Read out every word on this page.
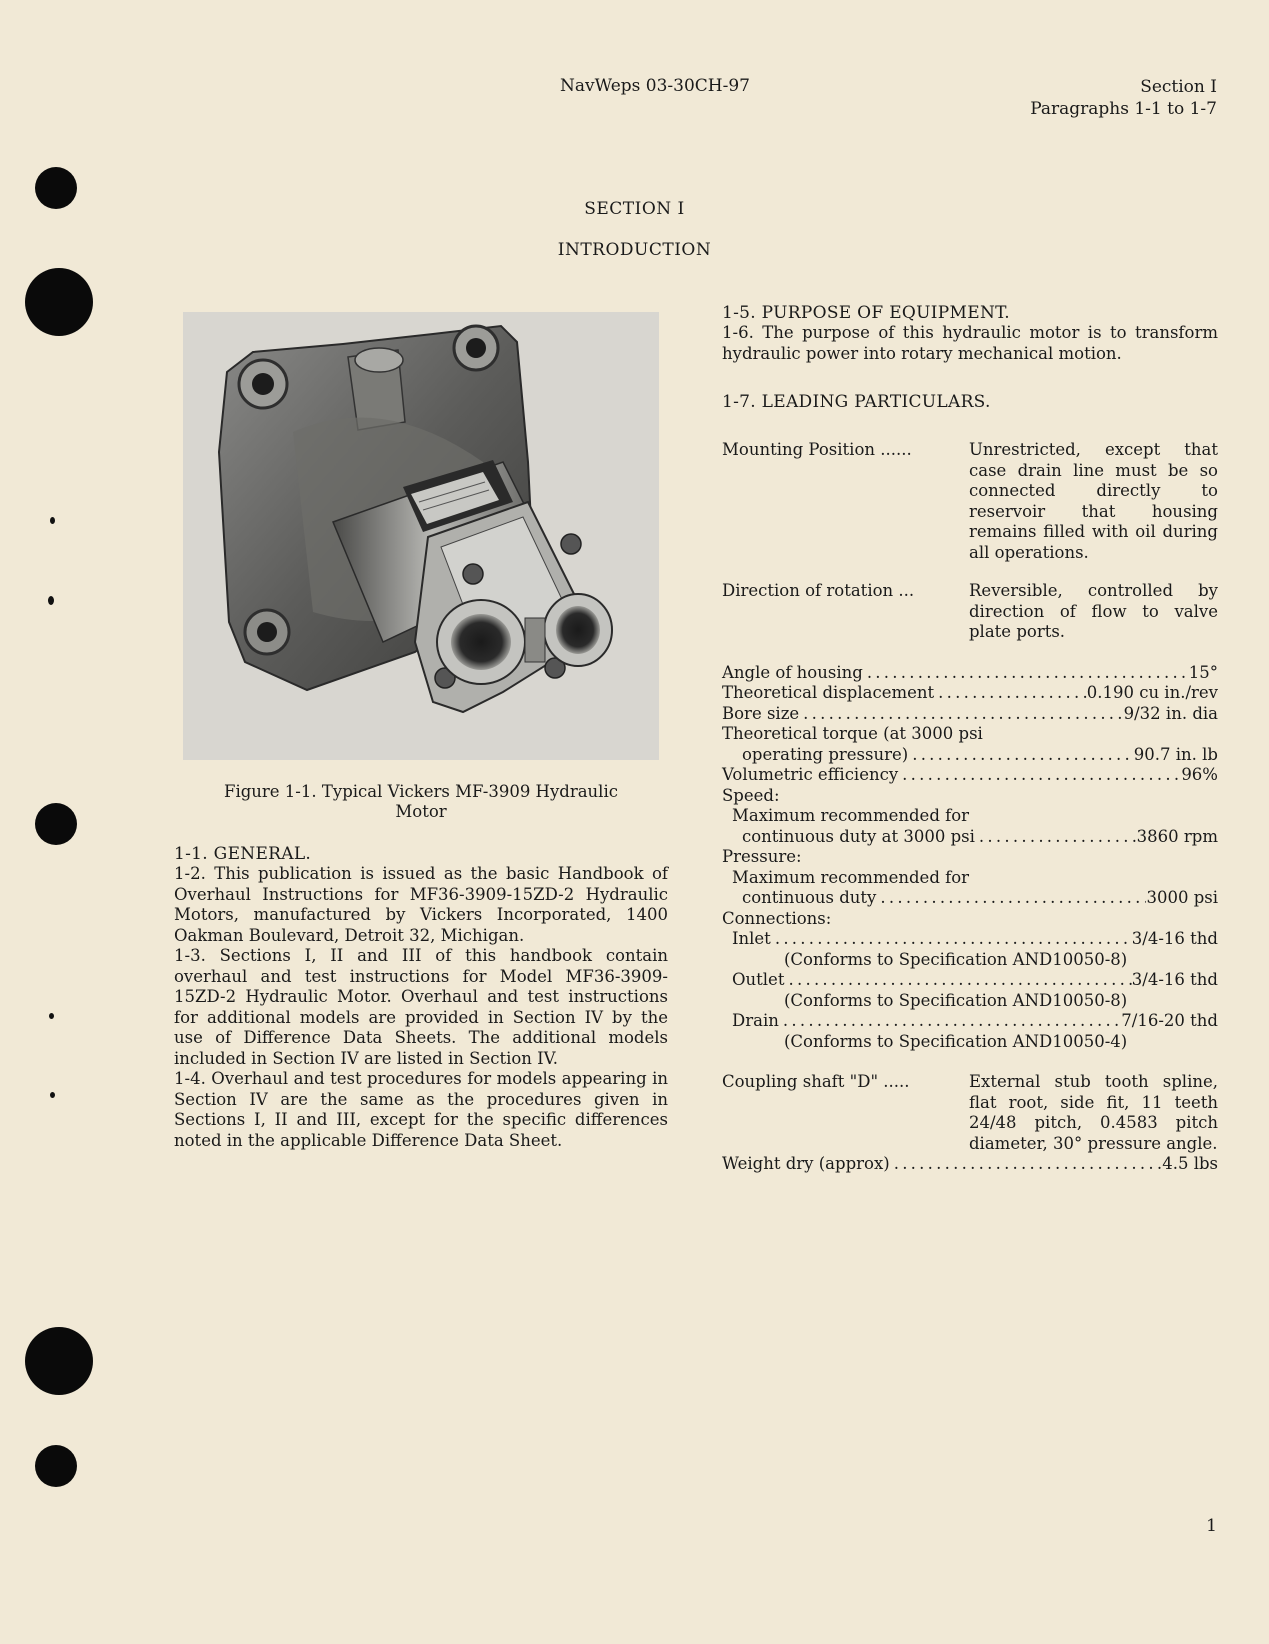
NavWeps 03-30CH-97	Section I
Paragraphs 1-1 to 1-7
SECTION I
INTRODUCTION
Figure 1-1. Typical Vickers MF-3909 Hydraulic
Motor
1-1. GENERAL.

1-2. This publication is issued as the basic Handbook of Overhaul Instructions for MF36-3909-15ZD-2 Hydraulic Motors, manufactured by Vickers Incorporated, 1400 Oakman Boulevard, Detroit 32, Michigan.

1-3. Sections I, II and III of this handbook contain overhaul and test instructions for Model MF36-3909-15ZD-2 Hydraulic Motor. Overhaul and test instructions for additional models are provided in Section IV by the use of Difference Data Sheets. The additional models included in Section IV are listed in Section IV.

1-4. Overhaul and test procedures for models appearing in Section IV are the same as the procedures given in Sections I, II and III, except for the specific differences noted in the applicable Difference Data Sheet.

1-5. PURPOSE OF EQUIPMENT.

1-6. The purpose of this hydraulic motor is to transform hydraulic power into rotary mechanical motion.

1-7. LEADING PARTICULARS.
Mounting Position ......	Unrestricted, except that case drain line must be so connected directly to reservoir that housing remains filled with oil during all operations.
Direction of rotation ...	Reversible, controlled by direction of flow to valve plate ports.
Angle of housing . . .	15°
Theoretical displacement . . .	0.190 cu in./rev
Bore size . . .	9/32 in. dia
Theoretical torque (at 3000 psi
operating pressure) . . .	90.7 in. lb
Volumetric efficiency . . .	96%
Speed:
Maximum recommended for
continuous duty at 3000 psi . . .	3860 rpm
Pressure:
Maximum recommended for
continuous duty . . .	3000 psi
Connections:
Inlet . . .	3/4-16 thd
(Conforms to Specification AND10050-8)
Outlet . . .	3/4-16 thd
(Conforms to Specification AND10050-8)
Drain . . .	7/16-20 thd
(Conforms to Specification AND10050-4)
Coupling shaft "D" .....	External stub tooth spline, flat root, side fit, 11 teeth 24/48 pitch, 0.4583 pitch diameter, 30° pressure angle.
Weight dry (approx) . . .	4.5 lbs
1
